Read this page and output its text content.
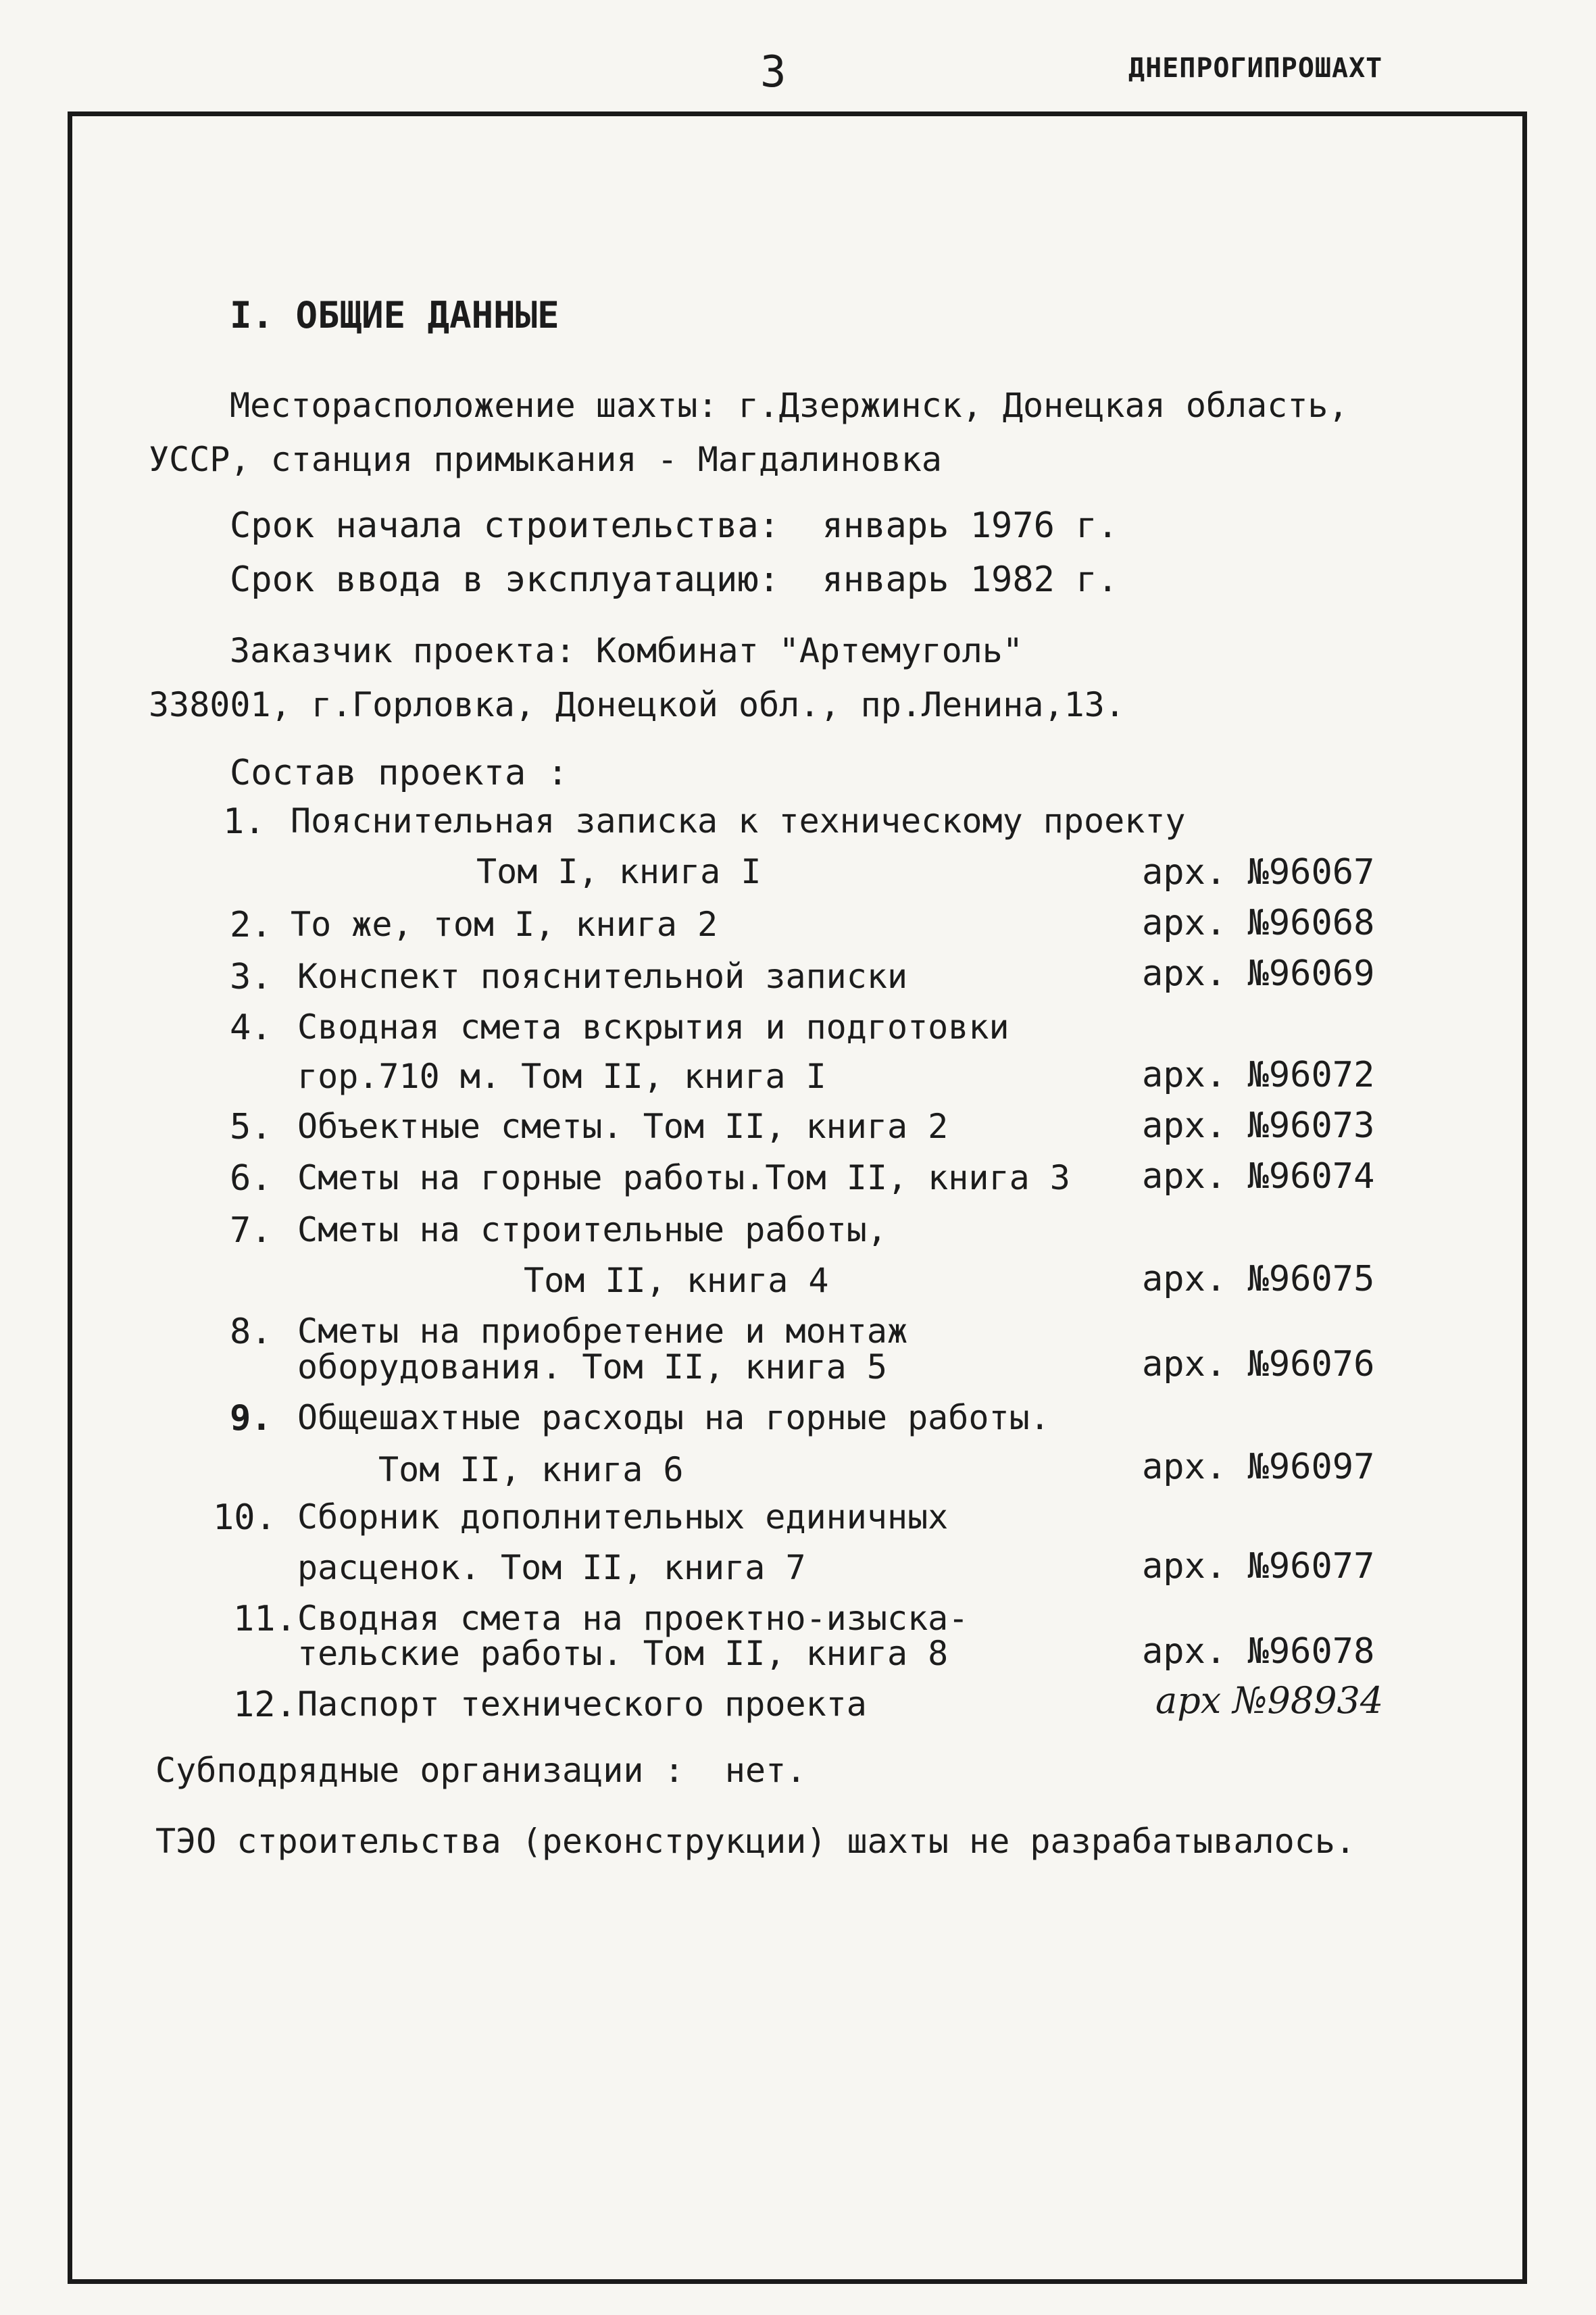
3	ДНЕПРОГИПРОШАХТ
I. ОБЩИЕ ДАННЫЕ
Месторасположение шахты: г.Дзержинск, Донецкая область,
УССР, станция примыкания - Магдалиновка
Срок начала строительства:  январь 1976 г.
Срок ввода в эксплуатацию:  январь 1982 г.
Заказчик проекта: Комбинат "Артемуголь"
338001, г.Горловка, Донецкой обл., пр.Ленина,13.
Состав проекта :
1. Пояснительная записка к техническому проекту
Том I, книга I	арх. №96067
2. То же, том I, книга 2	арх. №96068
3. Конспект пояснительной записки	арх. №96069
4. Сводная смета вскрытия и подготовки
гор.710 м. Том II, книга I	арх. №96072
5. Объектные сметы. Том II, книга 2	арх. №96073
6. Сметы на горные работы.Том II, книга 3 арх. №96074
7. Сметы на строительные работы,
Том II, книга 4	арх. №96075
8. Сметы на приобретение и монтаж
оборудования. Том II, книга 5	арх. №96076
9. Общешахтные расходы на горные работы.
Том II, книга 6	арх. №96097
10. Сборник дополнительных единичных
расценок. Том II, книга 7	арх. №96077
11. Сводная смета на проектно-изыска-
тельские работы. Том II, книга 8	арх. №96078
12. Паспорт технического проекта	арх №98934
Субподрядные организации :  нет.
ТЭО строительства (реконструкции) шахты не разрабатывалось.
